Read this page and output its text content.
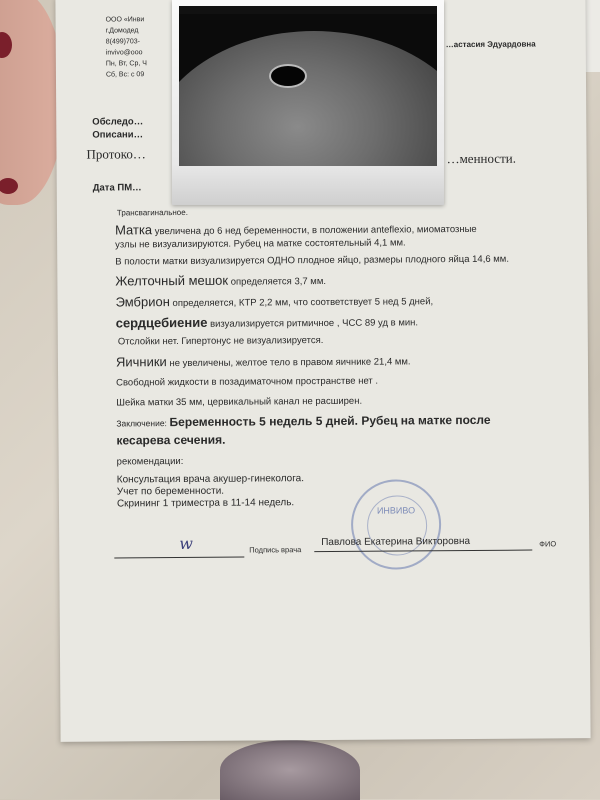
ООО «Инви
г.Домодед
8(499)703-
invivo@ooo
Пн, Вт, Ср, Ч
Сб, Вс: с 09
…астасия Эдуардовна
Обследо…
Описани…
Протоко…	…менности.
Дата ПМ…
Трансвагинальное.
Матка увеличена до 6 нед беременности, в положении anteflexio, миоматозные
узлы не визуализируются. Рубец на матке состоятельный 4,1 мм.
В полости матки визуализируется ОДНО плодное яйцо, размеры плодного яйца 14,6 мм.
Желточный мешок определяется 3,7 мм.
Эмбрион определяется, КТР 2,2 мм, что соответствует 5 нед 5 дней,
сердцебиение визуализируется ритмичное , ЧСС 89 уд в мин.
Отслойки нет. Гипертонус не визуализируется.
Яичники не увеличены, желтое тело в правом яичнике 21,4 мм.
Свободной жидкости в позадиматочном пространстве нет .
Шейка матки 35 мм, цервикальный канал не расширен.
Заключение: Беременность 5 недель 5 дней. Рубец на матке после
кесарева сечения.
рекомендации:
Консультация врача акушер-гинеколога.
Учет по беременности.
Скрининг 1 триместра в 11-14 недель.
ИНВИВО
w	Подпись врача
Павлова Екатерина Викторовна	ФИО
